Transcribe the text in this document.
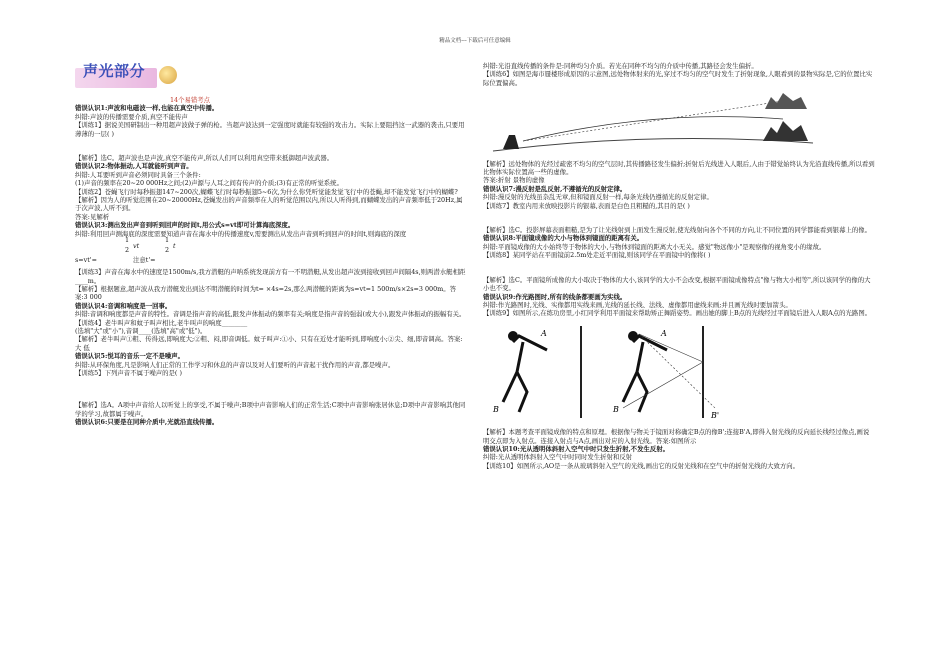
精品文档---下载后可任意编辑
声光部分

14个易错考点

错误认识1:声波和电磁波一样,也能在真空中传播。

纠错:声波的传播需要介质,真空不能传声

【训练1】据说美国研制出一种用超声波做子弹的枪。当超声波达到一定强度时就能有较强的攻击力。实际上要阻挡这一武器的袭击,只要用薄薄的一层( )

【解析】选C。超声波也是声波,真空不能传声,所以人们可以利用真空带来抵御超声波武器。

错误认识2:物体振动,人耳就能听到声音。

纠错:人耳要听到声音必须同时具备三个条件:

(1)声音的频率在20~20 000Hz之间;(2)声源与人耳之间有传声的介质;(3)有正常的听觉系统。

【训练2】苍蝇飞行时每秒振翅147~200次,蝴蝶飞行时每秒振翅5~6次,为什么你凭听觉能发觉飞行中的苍蝇,却不能发觉飞行中的蝴蝶?

【解析】因为人的听觉范围在20~20000Hz,苍蝇发出的声音频率在人的听觉范围以内,所以人听得到,而蝴蝶发出的声音频率低于20Hz,属于次声波,人听不到。

答案:见解析

错误认识3:测出发出声音到听到回声的时间t,用公式s=vt即可计算海底深度。

纠错:利用回声测海底的深度需要知道声音在海水中的传播速度v,需要测出从发出声音到听到回声的时间t,则海底的深度

1
2 vt
1
2 t
s=vt'=	注意t'=

【训练3】声音在海水中的速度是1500m/s,我方潜艇的声呐系统发现前方有一不明潜艇,从发出超声波到接收到回声间隔4s,则两潜水艇相距____m。

【解析】根据题意,超声波从我方潜艇发出到达不明潜艇的时间为t= ×4s=2s,那么两潜艇的距离为s=vt=1 500m/s×2s=3 000m。答案:3 000

错误认识4:音调和响度是一回事。

纠错:音调和响度都是声音的特性。音调是指声音的高低,跟发声体振动的频率有关;响度是指声音的强弱(或大小),跟发声体振动的振幅有关。

【训练4】老牛叫声和蚊子叫声相比,老牛叫声的响度________

(选填"大"或"小"),音调____(选填"高"或"低")。

【解析】老牛叫声①粗、传得远,即响度大;②粗、闷,即音调低。蚊子叫声:①小、只有在近处才能听到,即响度小;②尖、细,即音调高。答案:大 低

错误认识5:悦耳的音乐一定不是噪声。

纠错:从环保角度,凡是影响人们正常的工作学习和休息的声音以及对人们要听的声音起干扰作用的声音,都是噪声。

【训练5】下列声音不属于噪声的是( )

【解析】选A。A项中声音给人以听觉上的享受,不属于噪声;B项中声音影响人们的正常生活;C项中声音影响张居休息;D项中声音影响其他同学的学习,故都属于噪声。

错误认识6:只要是在同种介质中,光就沿直线传播。

纠错:光沿直线传播的条件是:同种均匀介质。若光在同种不均匀的介质中传播,其路径会发生偏折。

【训练6】如图是海市蜃楼形成原因的示意图,远处物体射来的光,穿过不均匀的空气时发生了折射现象,人眼看到的景物实际是,它的位置比实际位置偏高。

【解析】远处物体的光经过疏密不均匀的空气层时,其传播路径发生偏折;折射后光线进入人眼后,人由于错觉始终认为光沿直线传播,所以看到比物体实际位置高一些的虚像。

答案:折射 景物的虚像

错误认识7:漫反射是乱反射,不遵循光的反射定律。

纠错:漫反射的光线虽杂乱无章,但和镜面反射一样,每条光线仍遵循光的反射定律。

【训练7】教室内用来放映投影片的银幕,表面是白色且粗糙的,其目的是( )

【解析】选C。投影屏幕表面粗糙,是为了让光线射到上面发生漫反射,使光线射向各个不同的方向,让不同位置的同学都能看到银幕上的像。

错误认识8:平面镜成像的大小与物体到镜面的距离有关。

纠错:平面镜成像的大小始终等于物体的大小,与物体到镜面的距离大小无关。感觉"物远像小"是观察像的视角变小的缘故。

【训练8】某同学站在平面镜前2.5m处走近平面镜,则该同学在平面镜中的像将( )

【解析】选C。平面镜所成像的大小取决于物体的大小,该同学的大小不会改变,根据平面镜成像特点"像与物大小相等",所以该同学的像的大小也不变。

错误认识9:作光路图时,所有的线条都要画为实线。

纠错:作光路图时,光线、实像都用实线来画,光线的延长线、法线、虚像都用虚线来画;并且画光线时要加箭头。

【训练9】如图所示,在练功房里,小红同学利用平面镜来帮助矫正舞蹈姿势。画出她的脚上B点的光线经过平面镜后进入人眼A点的光路图。

A
B
A
B
B'

【解析】本题考查平面镜成像的特点和原理。根据像与物关于镜面对称确定B点的像B';连接B'A,即得入射光线的反向延长线经过像点,画说明交点即为入射点。连接入射点与A点,画出对应的入射光线。答案:如图所示

错误认识10:光从透明体斜射入空气中时只发生折射,不发生反射。

纠错:光从透明体斜射入空气中时同时发生折射和反射

【训练10】如图所示,AO是一条从玻璃斜射入空气的光线,画出它的反射光线和在空气中的折射光线的大致方向。
